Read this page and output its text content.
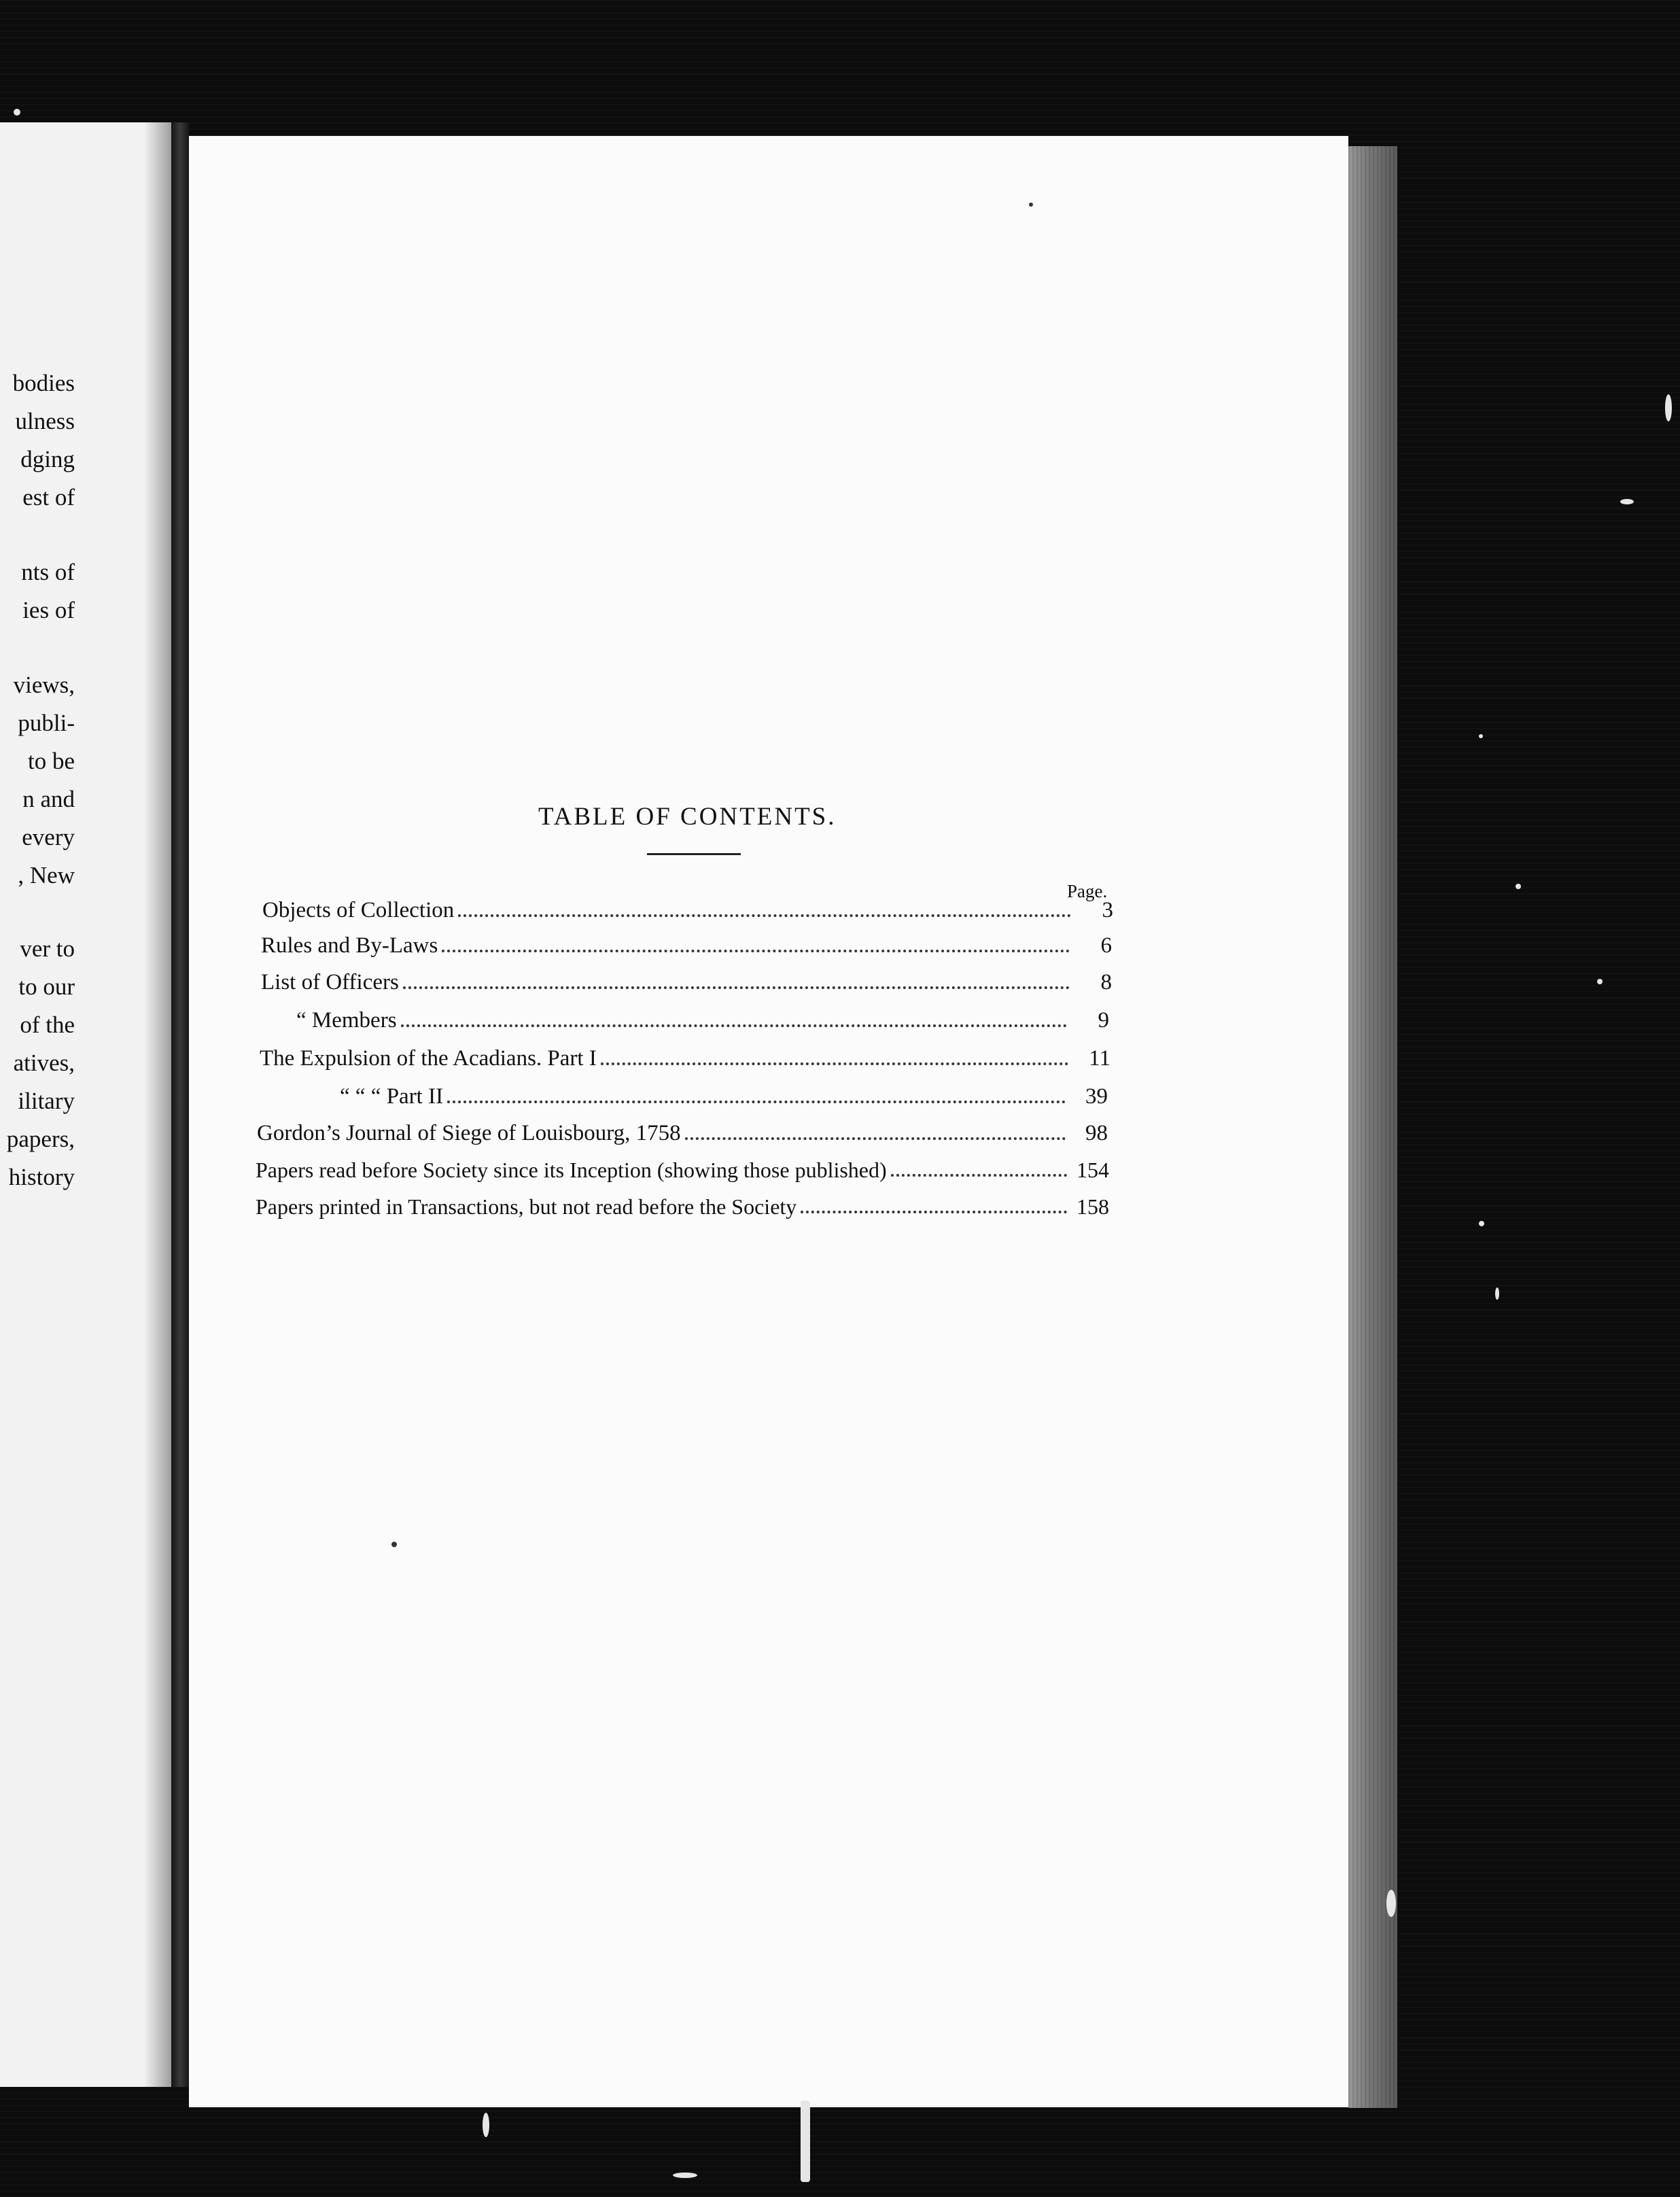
bodies
ulness
dging
est of
nts of
ies of
views,
publi-
to be
n and
every
, New
ver to
to our
of the
atives,
ilitary
papers,
history
TABLE OF CONTENTS.
Page.
Objects of Collection	3
Rules and By-Laws	6
List of Officers	8
“ Members	9
The Expulsion of the Acadians. Part I	11
“ “ “ Part II	39
Gordon’s Journal of Siege of Louisbourg, 1758	98
Papers read before Society since its Inception (showing those published)	154
Papers printed in Transactions, but not read before the Society	158
